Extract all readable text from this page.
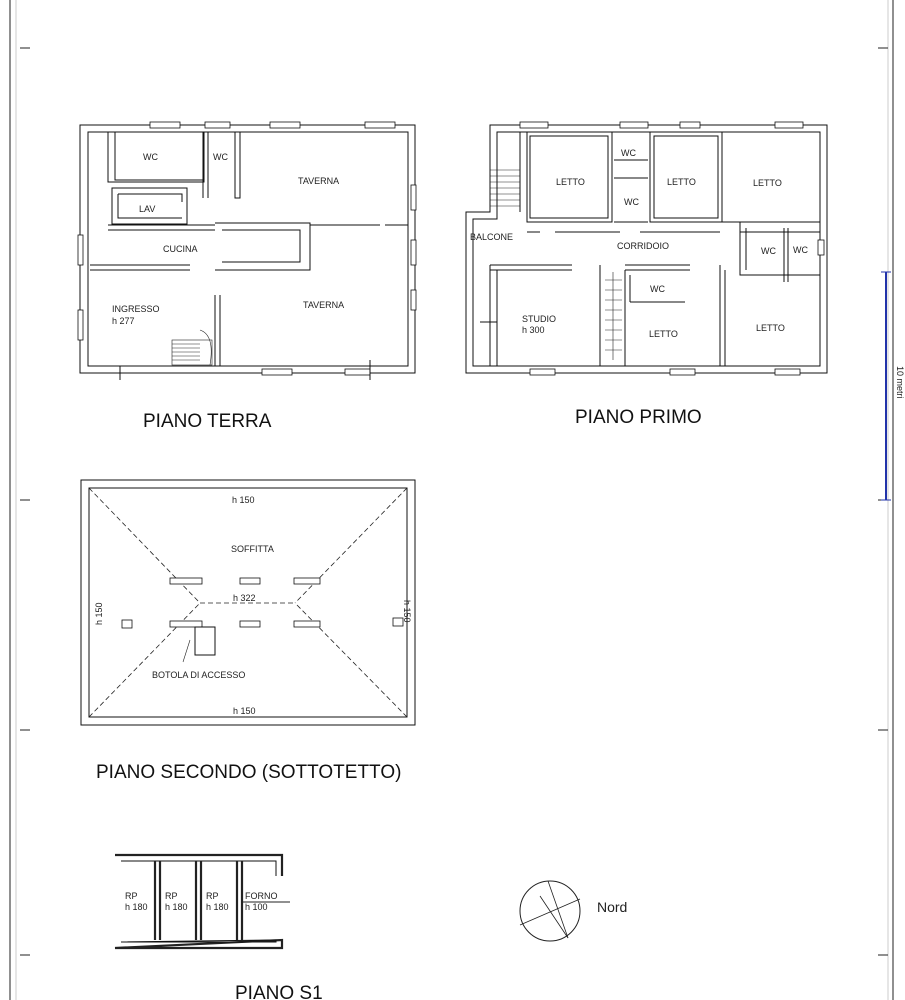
10 metri
WC	WC
LAV
CUCINA
TAVERNA
TAVERNA
INGRESSO
h 277
PIANO TERRA
LETTO
WC
WC
LETTO	LETTO
BALCONE
CORRIDOIO	WC WC
STUDIO
h 300
WC
LETTO
LETTO
PIANO PRIMO
h 150
SOFFITTA
h 322
h 150	h 150
BOTOLA DI ACCESSO
h 150
PIANO SECONDO (SOTTOTETTO)
RP
h 180
RP
h 180
RP
h 180
FORNO
h 100
PIANO S1
Nord
